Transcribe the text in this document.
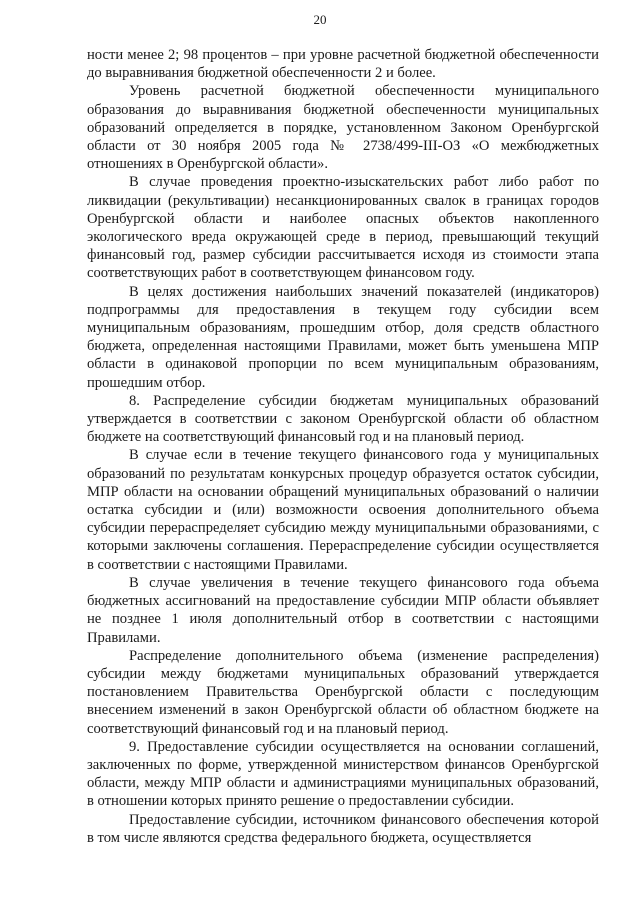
20

ности менее 2; 98 процентов – при уровне расчетной бюджетной обеспеченности до выравнивания бюджетной обеспеченности 2 и более.

Уровень расчетной бюджетной обеспеченности муниципального образования до выравнивания бюджетной обеспеченности муниципальных образований определяется в порядке, установленном Законом Оренбургской области от 30 ноября 2005 года № 2738/499-III-ОЗ «О межбюджетных отношениях в Оренбургской области».

В случае проведения проектно-изыскательских работ либо работ по ликвидации (рекультивации) несанкционированных свалок в границах городов Оренбургской области и наиболее опасных объектов накопленного экологического вреда окружающей среде в период, превышающий текущий финансовый год, размер субсидии рассчитывается исходя из стоимости этапа соответствующих работ в соответствующем финансовом году.

В целях достижения наибольших значений показателей (индикаторов) подпрограммы для предоставления в текущем году субсидии всем муниципальным образованиям, прошедшим отбор, доля средств областного бюджета, определенная настоящими Правилами, может быть уменьшена МПР области в одинаковой пропорции по всем муниципальным образованиям, прошедшим отбор.

8. Распределение субсидии бюджетам муниципальных образований утверждается в соответствии с законом Оренбургской области об областном бюджете на соответствующий финансовый год и на плановый период.

В случае если в течение текущего финансового года у муниципальных образований по результатам конкурсных процедур образуется остаток субсидии, МПР области на основании обращений муниципальных образований о наличии остатка субсидии и (или) возможности освоения дополнительного объема субсидии перераспределяет субсидию между муниципальными образованиями, с которыми заключены соглашения. Перераспределение субсидии осуществляется в соответствии с настоящими Правилами.

В случае увеличения в течение текущего финансового года объема бюджетных ассигнований на предоставление субсидии МПР области объявляет не позднее 1 июля дополнительный отбор в соответствии с настоящими Правилами.

Распределение дополнительного объема (изменение распределения) субсидии между бюджетами муниципальных образований утверждается постановлением Правительства Оренбургской области с последующим внесением изменений в закон Оренбургской области об областном бюджете на соответствующий финансовый год и на плановый период.

9. Предоставление субсидии осуществляется на основании соглашений, заключенных по форме, утвержденной министерством финансов Оренбургской области, между МПР области и администрациями муниципальных образований, в отношении которых принято решение о предоставлении субсидии.

Предоставление субсидии, источником финансового обеспечения которой в том числе являются средства федерального бюджета, осуществляется
